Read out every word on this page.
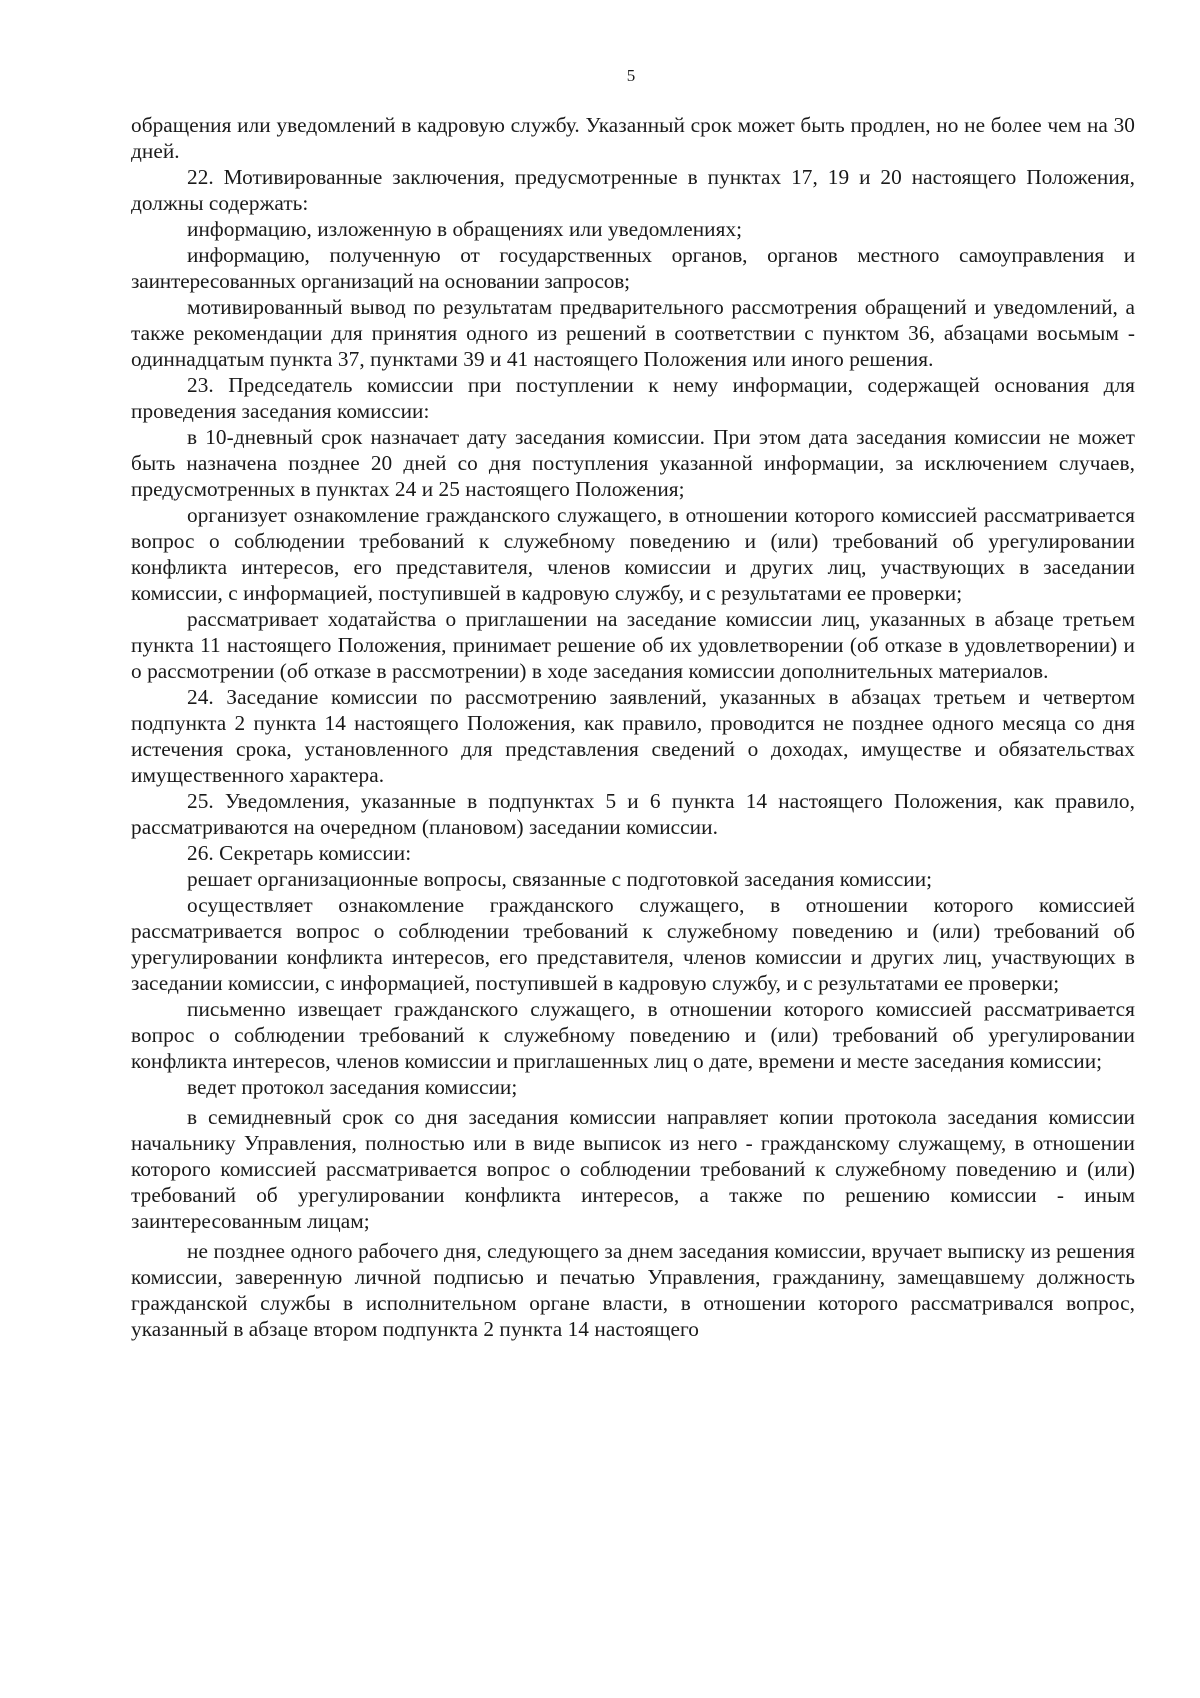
5

обращения или уведомлений в кадровую службу. Указанный срок может быть продлен, но не более чем на 30 дней.

22. Мотивированные заключения, предусмотренные в пунктах 17, 19 и 20 настоящего Положения, должны содержать:

информацию, изложенную в обращениях или уведомлениях;

информацию, полученную от государственных органов, органов местного самоуправления и заинтересованных организаций на основании запросов;

мотивированный вывод по результатам предварительного рассмотрения обращений и уведомлений, а также рекомендации для принятия одного из решений в соответствии с пунктом 36, абзацами восьмым - одиннадцатым пункта 37, пунктами 39 и 41 настоящего Положения или иного решения.

23. Председатель комиссии при поступлении к нему информации, содержащей основания для проведения заседания комиссии:

в 10-дневный срок назначает дату заседания комиссии. При этом дата заседания комиссии не может быть назначена позднее 20 дней со дня поступления указанной информации, за исключением случаев, предусмотренных в пунктах 24 и 25 настоящего Положения;

организует ознакомление гражданского служащего, в отношении которого комиссией рассматривается вопрос о соблюдении требований к служебному поведению и (или) требований об урегулировании конфликта интересов, его представителя, членов комиссии и других лиц, участвующих в заседании комиссии, с информацией, поступившей в кадровую службу, и с результатами ее проверки;

рассматривает ходатайства о приглашении на заседание комиссии лиц, указанных в абзаце третьем пункта 11 настоящего Положения, принимает решение об их удовлетворении (об отказе в удовлетворении) и о рассмотрении (об отказе в рассмотрении) в ходе заседания комиссии дополнительных материалов.

24. Заседание комиссии по рассмотрению заявлений, указанных в абзацах третьем и четвертом подпункта 2 пункта 14 настоящего Положения, как правило, проводится не позднее одного месяца со дня истечения срока, установленного для представления сведений о доходах, имуществе и обязательствах имущественного характера.

25. Уведомления, указанные в подпунктах 5 и 6 пункта 14 настоящего Положения, как правило, рассматриваются на очередном (плановом) заседании комиссии.

26. Секретарь комиссии:

решает организационные вопросы, связанные с подготовкой заседания комиссии;

осуществляет ознакомление гражданского служащего, в отношении которого комиссией рассматривается вопрос о соблюдении требований к служебному поведению и (или) требований об урегулировании конфликта интересов, его представителя, членов комиссии и других лиц, участвующих в заседании комиссии, с информацией, поступившей в кадровую службу, и с результатами ее проверки;

письменно извещает гражданского служащего, в отношении которого комиссией рассматривается вопрос о соблюдении требований к служебному поведению и (или) требований об урегулировании конфликта интересов, членов комиссии и приглашенных лиц о дате, времени и месте заседания комиссии;

ведет протокол заседания комиссии;

в семидневный срок со дня заседания комиссии направляет копии протокола заседания комиссии начальнику Управления, полностью или в виде выписок из него - гражданскому служащему, в отношении которого комиссией рассматривается вопрос о соблюдении требований к служебному поведению и (или) требований об урегулировании конфликта интересов, а также по решению комиссии - иным заинтересованным лицам;

не позднее одного рабочего дня, следующего за днем заседания комиссии, вручает выписку из решения комиссии, заверенную личной подписью и печатью Управления, гражданину, замещавшему должность гражданской службы в исполнительном органе власти, в отношении которого рассматривался вопрос, указанный в абзаце втором подпункта 2 пункта 14 настоящего
